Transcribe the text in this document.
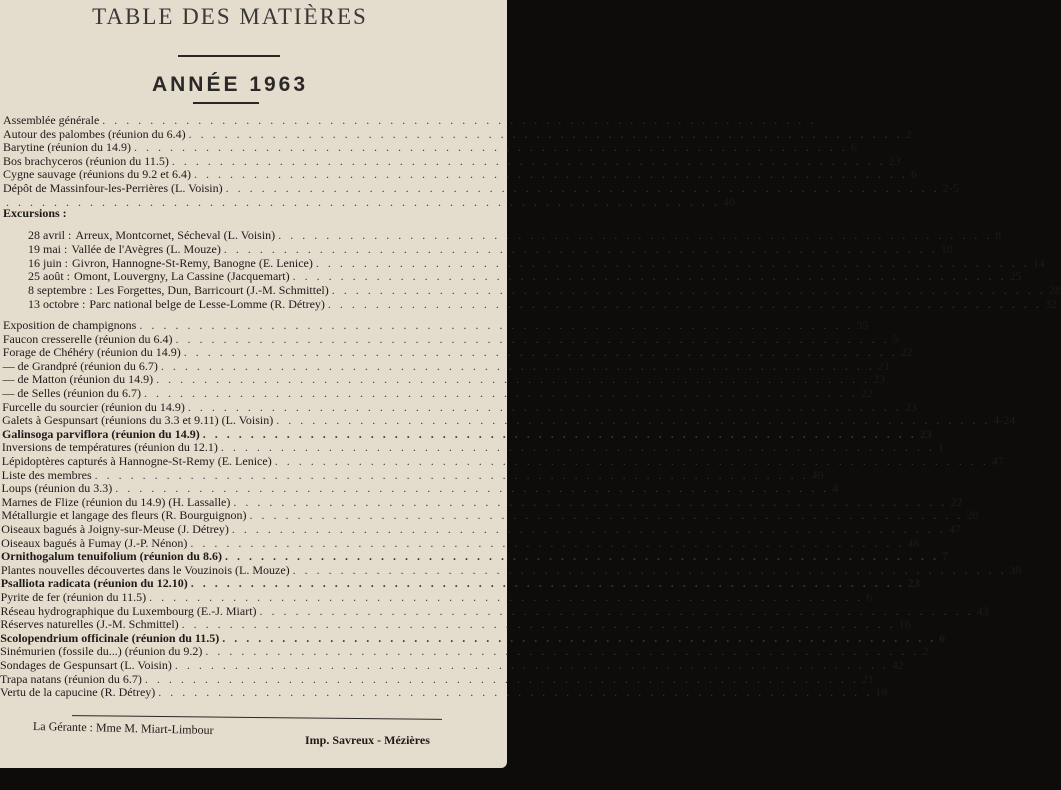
TABLE DES MATIÈRES
ANNÉE 1963
Excursions :
Assemblée générale . . . . . . . . . . . . . . . . . . . . . . . . . . . . . . . . . . . . . . . . . . . . . . . . . . . . . . . . . . . .
Autour des palombes (réunion du 6.4) . . . . . . . . . . . . . . . . . . . . . . . . . . . . . . . . . . . . . . . . . . . . . . . . . . . . . . . . . . . . 2
Barytine (réunion du 14.9) . . . . . . . . . . . . . . . . . . . . . . . . . . . . . . . . . . . . . . . . . . . . . . . . . . . . . . . . . . . . 6
Bos brachyceros (réunion du 11.5) . . . . . . . . . . . . . . . . . . . . . . . . . . . . . . . . . . . . . . . . . . . . . . . . . . . . . . . . . . . . 23
Cygne sauvage (réunions du 9.2 et 6.4) . . . . . . . . . . . . . . . . . . . . . . . . . . . . . . . . . . . . . . . . . . . . . . . . . . . . . . . . . . . . 6
Dépôt de Massinfour-les-Perrières (L. Voisin) . . . . . . . . . . . . . . . . . . . . . . . . . . . . . . . . . . . . . . . . . . . . . . . . . . . . . . . . . . . . 2-5
. . . . . . . . . . . . . . . . . . . . . . . . . . . . . . . . . . . . . . . . . . . . . . . . . . . . . . . . . . . . 40
28 avril : Arreux, Montcornet, Sécheval (L. Voisin) . . . . . . . . . . . . . . . . . . . . . . . . . . . . . . . . . . . . . . . . . . . . . . . . . . . . . . . . . . . . 8
19 mai : Vallée de l'Avègres (L. Mouze) . . . . . . . . . . . . . . . . . . . . . . . . . . . . . . . . . . . . . . . . . . . . . . . . . . . . . . . . . . . . 10
16 juin : Givron, Hannogne-St-Remy, Banogne (E. Lenice) . . . . . . . . . . . . . . . . . . . . . . . . . . . . . . . . . . . . . . . . . . . . . . . . . . . . . . . . . . . . 14
25 août : Omont, Louvergny, La Cassine (Jacquemart) . . . . . . . . . . . . . . . . . . . . . . . . . . . . . . . . . . . . . . . . . . . . . . . . . . . . . . . . . . . . 25
8 septembre : Les Forgettes, Dun, Barricourt (J.-M. Schmittel) . . . . . . . . . . . . . . . . . . . . . . . . . . . . . . . . . . . . . . . . . . . . . . . . . . . . . . . . . . . . 28
13 octobre : Parc national belge de Lesse-Lomme (R. Détrey) . . . . . . . . . . . . . . . . . . . . . . . . . . . . . . . . . . . . . . . . . . . . . . . . . . . . . . . . . . . . 32
Exposition de champignons . . . . . . . . . . . . . . . . . . . . . . . . . . . . . . . . . . . . . . . . . . . . . . . . . . . . . . . . . . . . 35
Faucon cresserelle (réunion du 6.4) . . . . . . . . . . . . . . . . . . . . . . . . . . . . . . . . . . . . . . . . . . . . . . . . . . . . . . . . . . . . 5
Forage de Chéhéry (réunion du 14.9) . . . . . . . . . . . . . . . . . . . . . . . . . . . . . . . . . . . . . . . . . . . . . . . . . . . . . . . . . . . . 22
— de Grandpré (réunion du 6.7) . . . . . . . . . . . . . . . . . . . . . . . . . . . . . . . . . . . . . . . . . . . . . . . . . . . . . . . . . . . . 21
— de Matton (réunion du 14.9) . . . . . . . . . . . . . . . . . . . . . . . . . . . . . . . . . . . . . . . . . . . . . . . . . . . . . . . . . . . . 23
— de Selles (réunion du 6.7) . . . . . . . . . . . . . . . . . . . . . . . . . . . . . . . . . . . . . . . . . . . . . . . . . . . . . . . . . . . . 22
Furcelle du sourcier (réunion du 14.9) . . . . . . . . . . . . . . . . . . . . . . . . . . . . . . . . . . . . . . . . . . . . . . . . . . . . . . . . . . . . 23
Galets à Gespunsart (réunions du 3.3 et 9.11) (L. Voisin) . . . . . . . . . . . . . . . . . . . . . . . . . . . . . . . . . . . . . . . . . . . . . . . . . . . . . . . . . . . . 4-24
Galinsoga parviflora (réunion du 14.9) . . . . . . . . . . . . . . . . . . . . . . . . . . . . . . . . . . . . . . . . . . . . . . . . . . . . . . . . . . . . 23
Inversions de températures (réunion du 12.1) . . . . . . . . . . . . . . . . . . . . . . . . . . . . . . . . . . . . . . . . . . . . . . . . . . . . . . . . . . . . 1
Lépidoptères capturés à Hannogne-St-Remy (E. Lenice) . . . . . . . . . . . . . . . . . . . . . . . . . . . . . . . . . . . . . . . . . . . . . . . . . . . . . . . . . . . . 47
Liste des membres . . . . . . . . . . . . . . . . . . . . . . . . . . . . . . . . . . . . . . . . . . . . . . . . . . . . . . . . . . . . 49
Loups (réunion du 3.3) . . . . . . . . . . . . . . . . . . . . . . . . . . . . . . . . . . . . . . . . . . . . . . . . . . . . . . . . . . . . 4
Marnes de Flize (réunion du 14.9) (H. Lassalle) . . . . . . . . . . . . . . . . . . . . . . . . . . . . . . . . . . . . . . . . . . . . . . . . . . . . . . . . . . . . 22
Métallurgie et langage des fleurs (R. Bourguignon) . . . . . . . . . . . . . . . . . . . . . . . . . . . . . . . . . . . . . . . . . . . . . . . . . . . . . . . . . . . . 20
Oiseaux bagués à Joigny-sur-Meuse (J. Détrey) . . . . . . . . . . . . . . . . . . . . . . . . . . . . . . . . . . . . . . . . . . . . . . . . . . . . . . . . . . . . 47
Oiseaux bagués à Fumay (J.-P. Nénon) . . . . . . . . . . . . . . . . . . . . . . . . . . . . . . . . . . . . . . . . . . . . . . . . . . . . . . . . . . . . 48
Ornithogalum tenuifolium (réunion du 8.6) . . . . . . . . . . . . . . . . . . . . . . . . . . . . . . . . . . . . . . . . . . . . . . . . . . . . . . . . . . . . 7
Plantes nouvelles découvertes dans le Vouzinois (L. Mouze) . . . . . . . . . . . . . . . . . . . . . . . . . . . . . . . . . . . . . . . . . . . . . . . . . . . . . . . . . . . . 38
Psalliota radicata (réunion du 12.10) . . . . . . . . . . . . . . . . . . . . . . . . . . . . . . . . . . . . . . . . . . . . . . . . . . . . . . . . . . . . 23
Pyrite de fer (réunion du 11.5) . . . . . . . . . . . . . . . . . . . . . . . . . . . . . . . . . . . . . . . . . . . . . . . . . . . . . . . . . . . . 6
Réseau hydrographique du Luxembourg (E.-J. Miart) . . . . . . . . . . . . . . . . . . . . . . . . . . . . . . . . . . . . . . . . . . . . . . . . . . . . . . . . . . . . 43
Réserves naturelles (J.-M. Schmittel) . . . . . . . . . . . . . . . . . . . . . . . . . . . . . . . . . . . . . . . . . . . . . . . . . . . . . . . . . . . . 16
Scolopendrium officinale (réunion du 11.5) . . . . . . . . . . . . . . . . . . . . . . . . . . . . . . . . . . . . . . . . . . . . . . . . . . . . . . . . . . . . 6
Sinémurien (fossile du...) (réunion du 9.2) . . . . . . . . . . . . . . . . . . . . . . . . . . . . . . . . . . . . . . . . . . . . . . . . . . . . . . . . . . . . 2
Sondages de Gespunsart (L. Voisin) . . . . . . . . . . . . . . . . . . . . . . . . . . . . . . . . . . . . . . . . . . . . . . . . . . . . . . . . . . . . 42
Trapa natans (réunion du 6.7) . . . . . . . . . . . . . . . . . . . . . . . . . . . . . . . . . . . . . . . . . . . . . . . . . . . . . . . . . . . . 21
Vertu de la capucine (R. Détrey) . . . . . . . . . . . . . . . . . . . . . . . . . . . . . . . . . . . . . . . . . . . . . . . . . . . . . . . . . . . . 19
La Gérante : Mme M. Miart-Limbour
Imp. Savreux - Mézières
